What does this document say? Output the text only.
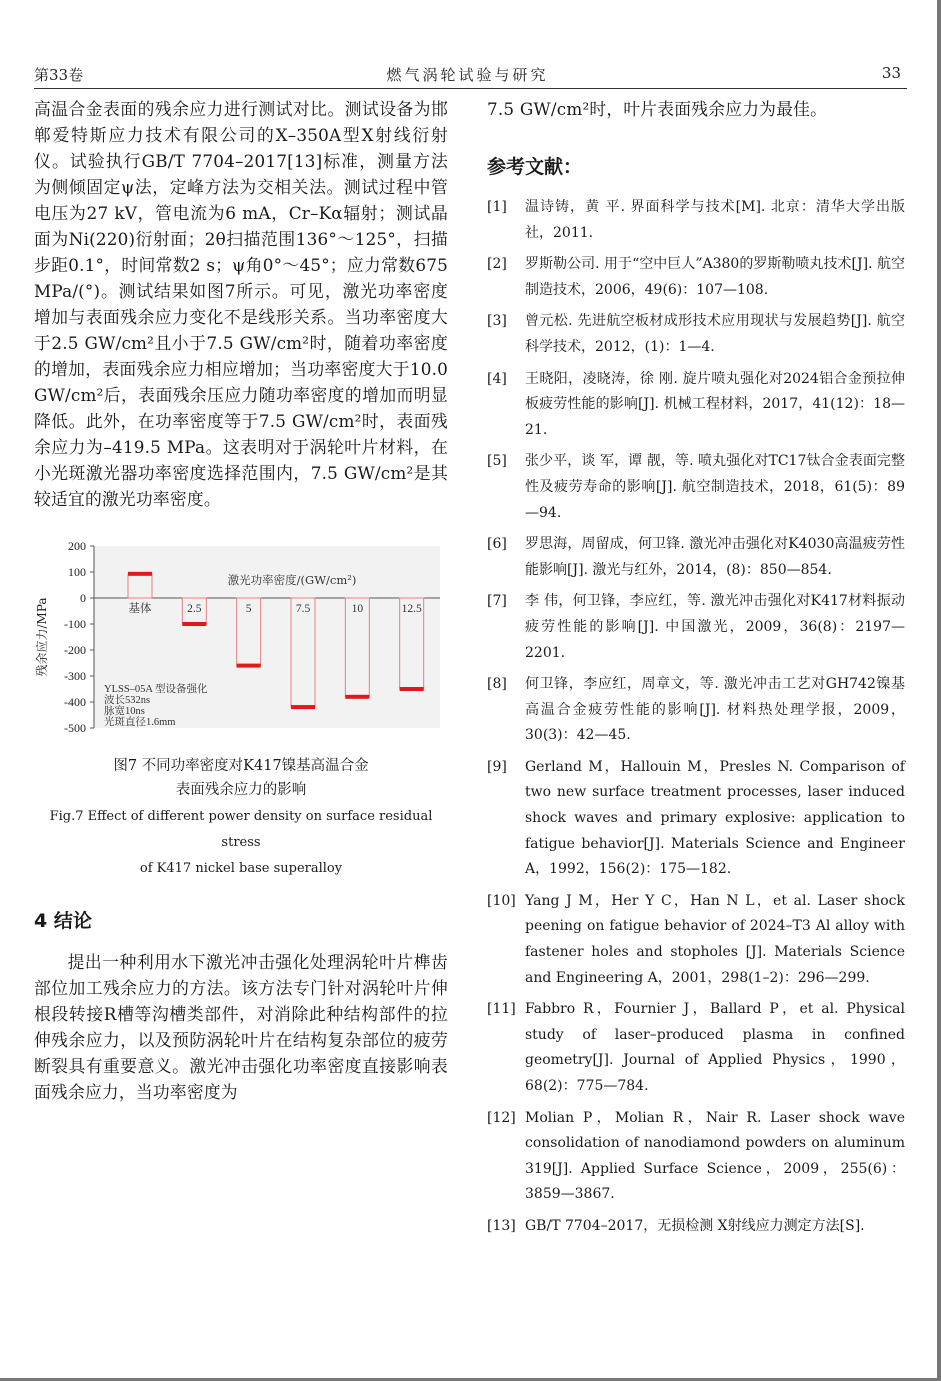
第33卷	燃气涡轮试验与研究	33

高温合金表面的残余应力进行测试对比。测试设备为邯郸爱特斯应力技术有限公司的X–350A型X射线衍射仪。试验执行GB/T 7704–2017[13]标准，测量方法为侧倾固定ψ法，定峰方法为交相关法。测试过程中管电压为27 kV，管电流为6 mA，Cr–Kα辐射；测试晶面为Ni(220)衍射面；2θ扫描范围136°～125°，扫描步距0.1°，时间常数2 s；ψ角0°～45°；应力常数675 MPa/(°)。测试结果如图7所示。可见，激光功率密度增加与表面残余应力变化不是线形关系。当功率密度大于2.5 GW/cm²且小于7.5 GW/cm²时，随着功率密度的增加，表面残余应力相应增加；当功率密度大于10.0 GW/cm²后，表面残余压应力随功率密度的增加而明显降低。此外，在功率密度等于7.5 GW/cm²时，表面残余应力为–419.5 MPa。这表明对于涡轮叶片材料，在小光斑激光器功率密度选择范围内，7.5 GW/cm²是其较适宜的激光功率密度。

200
100
0
-100
-200
-300
-400
-500
残余应力/MPa	基体	2.5	5	7.5	10	12.5
激光功率密度/(GW/cm²)
YLSS–05A 型设备强化
波长532ns
脉宽10ns
光斑直径1.6mm

图7 不同功率密度对K417镍基高温合金

表面残余应力的影响

Fig.7 Effect of different power density on surface residual stress

of K417 nickel base superalloy

4 结论

提出一种利用水下激光冲击强化处理涡轮叶片榫齿部位加工残余应力的方法。该方法专门针对涡轮叶片伸根段转接R槽等沟槽类部件，对消除此种结构部件的拉伸残余应力，以及预防涡轮叶片在结构复杂部位的疲劳断裂具有重要意义。激光冲击强化功率密度直接影响表面残余应力，当功率密度为

7.5 GW/cm²时，叶片表面残余应力为最佳。

参考文献：
[1] 温诗铸，黄 平. 界面科学与技术[M]. 北京：清华大学出版社，2011.
[2] 罗斯勒公司. 用于“空中巨人”A380的罗斯勒喷丸技术[J]. 航空制造技术，2006，49(6)：107—108.
[3] 曾元松. 先进航空板材成形技术应用现状与发展趋势[J]. 航空科学技术，2012，(1)：1—4.
[4] 王晓阳，凌晓涛，徐 刚. 旋片喷丸强化对2024铝合金预拉伸板疲劳性能的影响[J]. 机械工程材料，2017，41(12)：18—21.
[5] 张少平，谈 军，谭 靓，等. 喷丸强化对TC17钛合金表面完整性及疲劳寿命的影响[J]. 航空制造技术，2018，61(5)：89—94.
[6] 罗思海，周留成，何卫锋. 激光冲击强化对K4030高温疲劳性能影响[J]. 激光与红外，2014，(8)：850—854.
[7] 李 伟，何卫锋，李应红，等. 激光冲击强化对K417材料振动疲劳性能的影响[J]. 中国激光，2009，36(8)：2197—2201.
[8] 何卫锋，李应红，周章文，等. 激光冲击工艺对GH742镍基高温合金疲劳性能的影响[J]. 材料热处理学报，2009，30(3)：42—45.
[9] Gerland M，Hallouin M，Presles N. Comparison of two new surface treatment processes, laser induced shock waves and primary explosive: application to fatigue behavior[J]. Materials Science and Engineer A，1992，156(2)：175—182.
[10] Yang J M，Her Y C，Han N L，et al. Laser shock peening on fatigue behavior of 2024–T3 Al alloy with fastener holes and stopholes [J]. Materials Science and Engineering A，2001，298(1–2)：296—299.
[11] Fabbro R，Fournier J，Ballard P，et al. Physical study of laser–produced plasma in confined geometry[J]. Journal of Applied Physics，1990，68(2)：775—784.
[12] Molian P，Molian R，Nair R. Laser shock wave consolidation of nanodiamond powders on aluminum 319[J]. Applied Surface Science，2009，255(6)：3859—3867.
[13] GB/T 7704–2017，无损检测 X射线应力测定方法[S].
